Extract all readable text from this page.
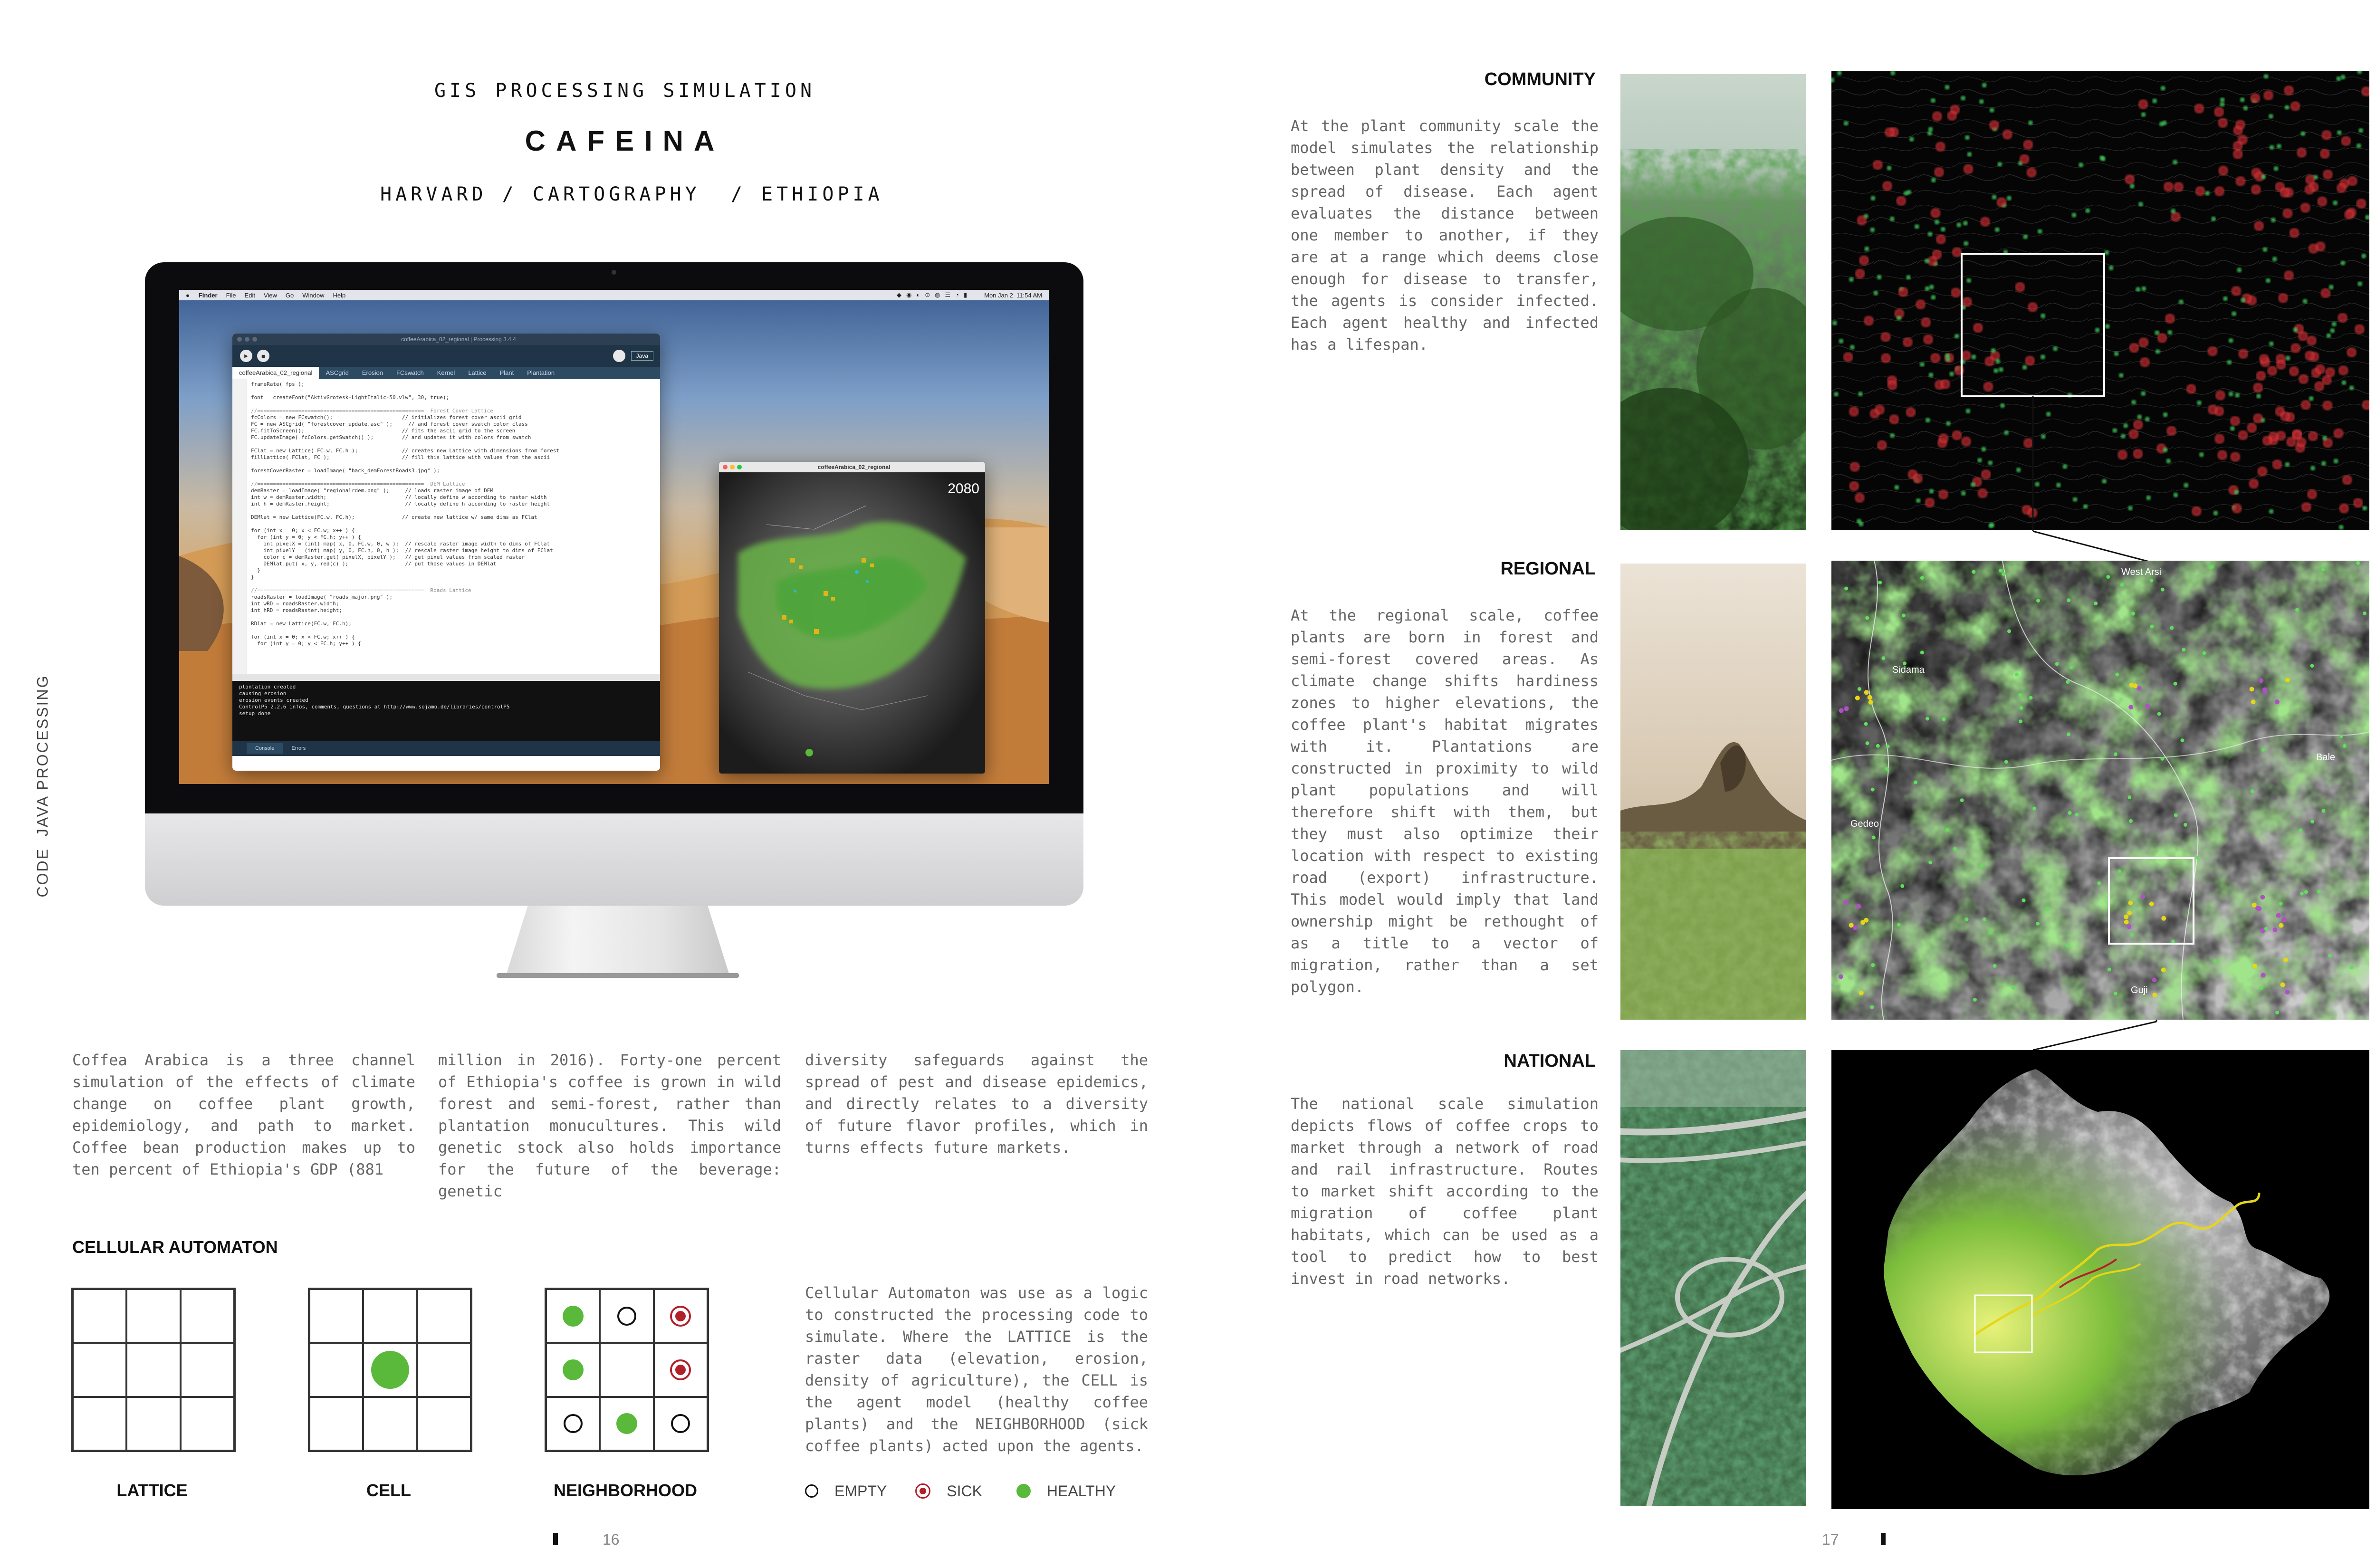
GIS PROCESSING SIMULATION
CAFEINA
HARVARD / CARTOGRAPHY  / ETHIOPIA
CODE  JAVA PROCESSING
●	Finder	File	Edit	View	Go	Window	Help	◆◉◐⊙◍☰◔▮	Mon Jan 2  11:54 AM
coffeeArabica_02_regional | Processing 3.4.4
▶	■	Java
coffeeArabica_02_regional	ASCgrid	Erosion	FCswatch	Kernel	Lattice	Plant	Plantation
frameRate( fps );

font = createFont("AktivGrotesk-LightItalic-50.vlw", 30, true);

//=====================================================  Forest Cover Lattice
fcColors = new FCswatch();                      // initializes forest cover ascii grid
FC = new ASCgrid( "forestcover_update.asc" );     // and forest cover swatch color class
FC.fitToScreen();                               // fits the ascii grid to the screen
FC.updateImage( fcColors.getSwatch() );         // and updates it with colors from swatch

FClat = new Lattice( FC.w, FC.h );              // creates new Lattice with dimensions from forest
fillLattice( FClat, FC );                       // fill this lattice with values from the ascii

forestCoverRaster = loadImage( "back_demForestRoads3.jpg" );

//=====================================================  DEM Lattice
demRaster = loadImage( "regionalrdem.png" );     // loads raster image of DEM
int w = demRaster.width;                         // locally define w according to raster width
int h = demRaster.height;                        // locally define h according to raster height

DEMlat = new Lattice(FC.w, FC.h);               // create new lattice w/ same dims as FClat

for (int x = 0; x < FC.w; x++ ) {
for (int y = 0; y < FC.h; y++ ) {
int pixelX = (int) map( x, 0, FC.w, 0, w );  // rescale raster image width to dims of FClat
int pixelY = (int) map( y, 0, FC.h, 0, h );  // rescale raster image height to dims of FClat
color c = demRaster.get( pixelX, pixelY );   // get pixel values from scaled raster
DEMlat.put( x, y, red(c) );                  // put those values in DEMlat
}
}

//=====================================================  Roads Lattice
roadsRaster = loadImage( "roads_major.png" );
int wRD = roadsRaster.width;
int hRD = roadsRaster.height;

RDlat = new Lattice(FC.w, FC.h);

for (int x = 0; x < FC.w; x++ ) {
for (int y = 0; y < FC.h; y++ ) {
plantation created
causing erosion
erosion events created
ControlP5 2.2.6 infos, comments, questions at http://www.sojamo.de/libraries/controlP5
setup done
Console	Errors
coffeeArabica_02_regional
2080
Coffea Arabica is a three channel simulation of the effects of climate change on coffee plant growth, epidemiology, and path to market. Coffee bean production makes up to ten percent of Ethiopia's GDP (881
million in 2016). Forty-one percent of Ethiopia's coffee is grown in wild forest and semi-forest, rather than plantation monucultures. This wild genetic stock also holds importance for the future of the beverage: genetic
diversity safeguards against the spread of pest and disease epidemics, and directly relates to a diversity of future flavor profiles, which in turns effects future markets.
CELLULAR AUTOMATON
LATTICE	CELL	NEIGHBORHOOD
Cellular Automaton was use as a logic to constructed the processing code to simulate. Where the LATTICE is the raster data (elevation, erosion, density of agriculture), the CELL is the agent model (healthy coffee plants) and the NEIGHBORHOOD (sick coffee plants) acted upon the agents.
EMPTY	SICK	HEALTHY
16
COMMUNITY
REGIONAL
NATIONAL
At the plant community scale the model simulates the relationship between plant density and the spread of disease. Each agent evaluates the distance between one member to another, if they are at a range which deems close enough for disease to transfer, the agents is consider infected. Each agent healthy and infected has a lifespan.
At the regional scale, coffee plants are born in forest and semi-forest covered areas. As climate change shifts hardiness zones to higher elevations, the coffee plant's habitat migrates with it. Plantations are constructed in proximity to wild plant populations and will therefore shift with them, but they must also optimize their location with respect to existing road (export) infrastructure. This model would imply that land ownership might be rethought of as a title to a vector of migration, rather than a set polygon.
The national scale simulation depicts flows of coffee crops to market through a network of road and rail infrastructure. Routes to market shift according to the migration of coffee plant habitats, which can be used as a tool to predict how to best invest in road networks.
West Arsi
Sidama
Bale
Gedeo
Guji
17
